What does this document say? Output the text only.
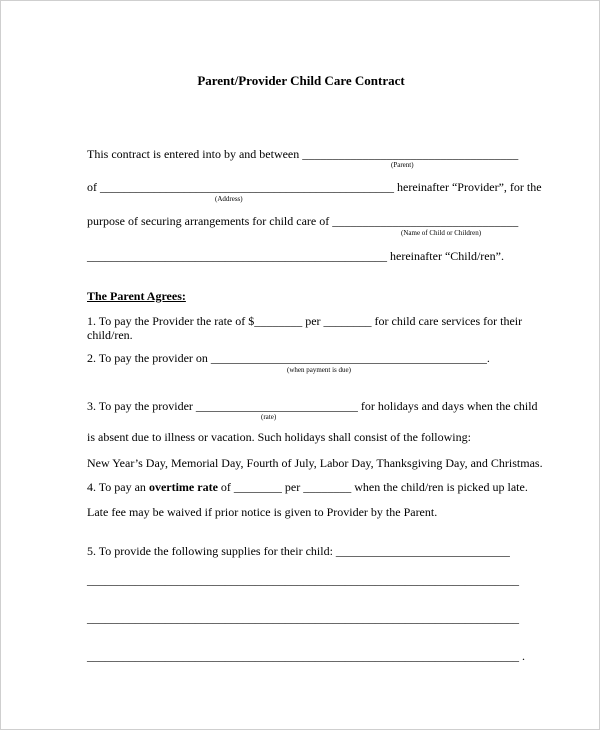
Parent/Provider Child Care Contract
This contract is entered into by and between ____________________________________
(Parent)
of _________________________________________________ hereinafter “Provider”, for the
(Address)
purpose of securing arrangements for child care of _______________________________
(Name of Child or Children)
__________________________________________________ hereinafter “Child/ren”.
The Parent Agrees:
1. To pay the Provider the rate of $________ per ________ for child care services for their
child/ren.
2. To pay the provider on ______________________________________________.
(when payment is due)
3. To pay the provider ___________________________ for holidays and days when the child
(rate)
is absent due to illness or vacation. Such holidays shall consist of the following:
New Year’s Day, Memorial Day, Fourth of July, Labor Day, Thanksgiving Day, and Christmas.
4. To pay an overtime rate of ________ per ________ when the child/ren is picked up late.
Late fee may be waived if prior notice is given to Provider by the Parent.
5. To provide the following supplies for their child: _____________________________
________________________________________________________________________
________________________________________________________________________
________________________________________________________________________ .
